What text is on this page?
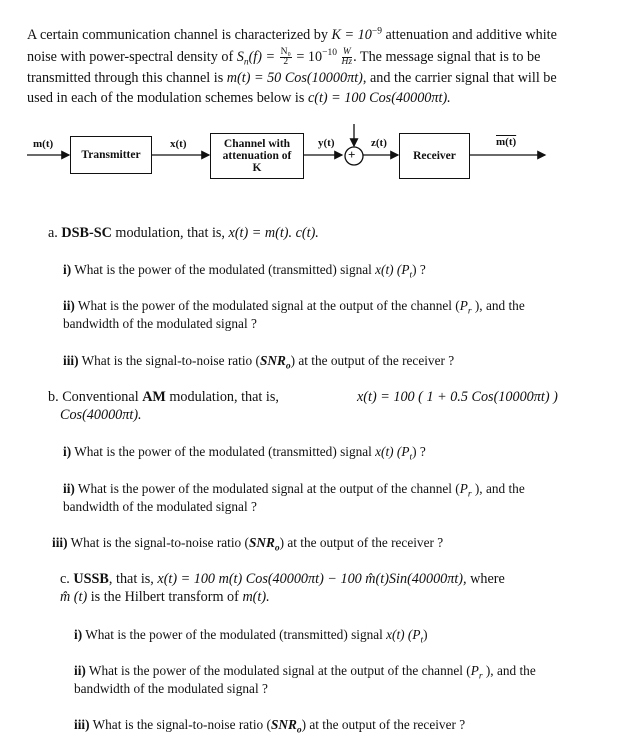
A certain communication channel is characterized by $K = 10^{-9}$ attenuation and additive white
noise with power-spectral density of $S_n(f) = \frac{\text{N₀}}{2} = 10^{-10} \frac{W}{Hz}$ . The message signal that is to be
transmitted through this channel is m(t) = 50 Cos(10000πt), and the carrier signal that will be
used in each of the modulation schemes below is c(t) = 100 Cos(40000πt).
m(t)
Transmitter
x(t)	Channel with
attenuation of
K
y(t)
+
z(t)
Receiver
m(t)
a. DSB-SC modulation, that is, x(t) = m(t). c(t).
i) What is the power of the modulated (transmitted) signal x(t) $(P_t)$ ?
ii) What is the power of the modulated signal at the output of the channel ($P_r$ ), and the
bandwidth of the modulated signal ?
iii) What is the signal-to-noise ratio $(SNR_o)$ at the output of the receiver ?
b. Conventional AM modulation, that is,	x(t) = 100 ( 1 + 0.5 Cos(10000πt) )
Cos(40000πt).
i) What is the power of the modulated (transmitted) signal x(t) $(P_t)$ ?
ii) What is the power of the modulated signal at the output of the channel ($P_r$ ), and the
bandwidth of the modulated signal ?
iii) What is the signal-to-noise ratio $(SNR_o)$ at the output of the receiver ?
c. USSB, that is, x(t) = 100 m(t) Cos(40000πt) − 100 m̂(t)Sin(40000πt), where
m̂ (t) is the Hilbert transform of m(t).
i) What is the power of the modulated (transmitted) signal x(t) $(P_t)$
ii) What is the power of the modulated signal at the output of the channel ($P_r$ ), and the
bandwidth of the modulated signal ?
iii) What is the signal-to-noise ratio $(SNR_o)$ at the output of the receiver ?
